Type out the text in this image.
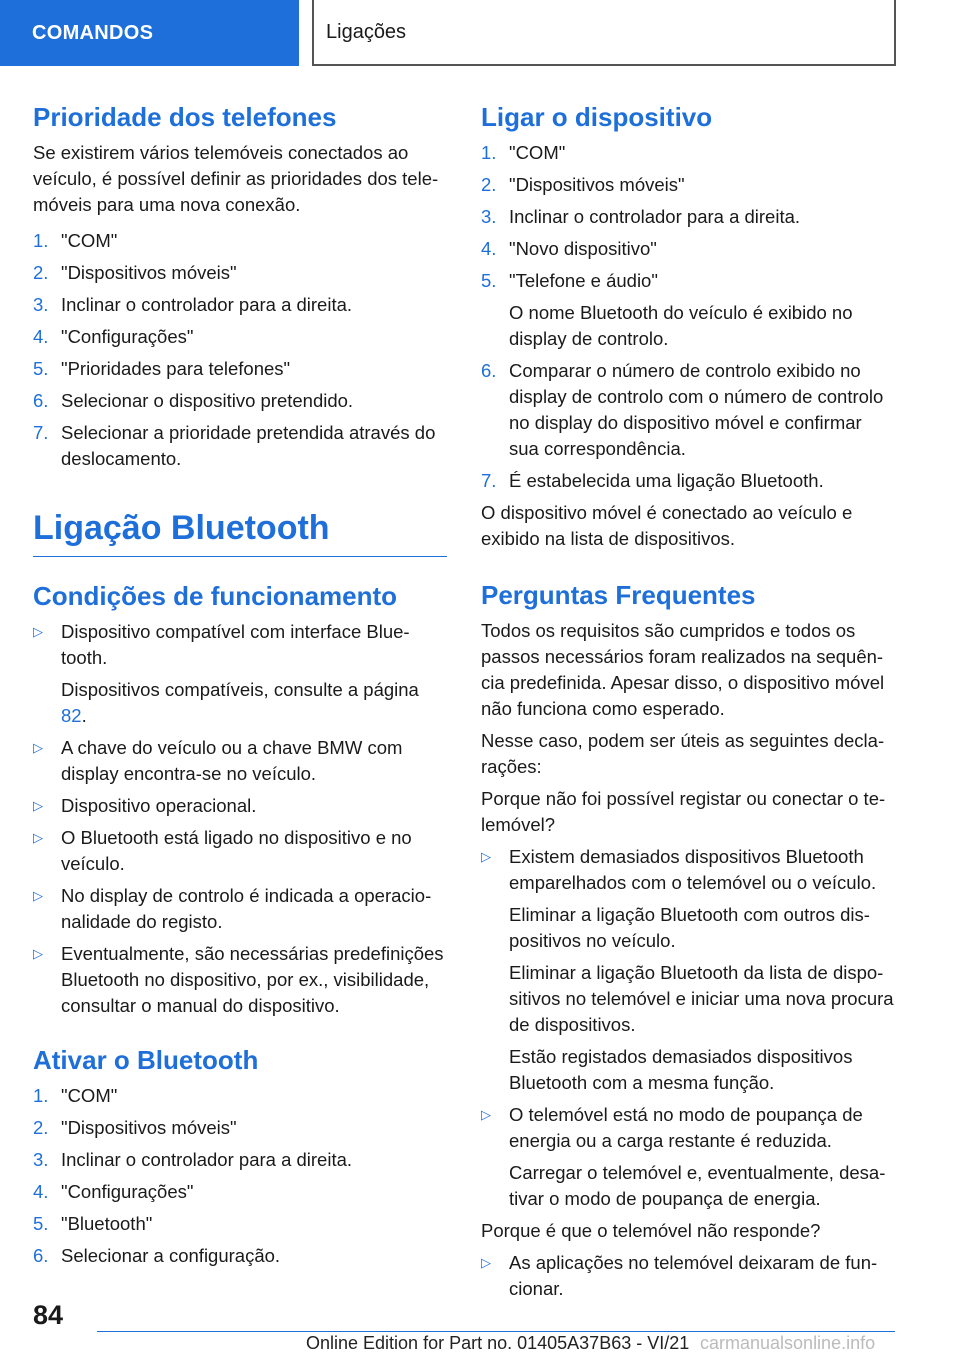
COMANDOS	Ligações
Prioridade dos telefones

Se existirem vários telemóveis conectados ao veículo, é possível definir as prioridades dos telemóveis para uma nova conexão.

1. "COM"
2. "Dispositivos móveis"
3. Inclinar o controlador para a direita.
4. "Configurações"
5. "Prioridades para telefones"
6. Selecionar o dispositivo pretendido.
7. Selecionar a prioridade pretendida através do deslocamento.
Ligação Bluetooth
Condições de funcionamento
▷ Dispositivo compatível com interface Bluetooth.

Dispositivos compatíveis, consulte a página 82.

▷ A chave do veículo ou a chave BMW com display encontra-se no veículo.
▷ Dispositivo operacional.
▷ O Bluetooth está ligado no dispositivo e no veículo.
▷ No display de controlo é indicada a operacionalidade do registo.
▷ Eventualmente, são necessárias predefinições Bluetooth no dispositivo, por ex., visibilidade, consultar o manual do dispositivo.
Ativar o Bluetooth
1. "COM"
2. "Dispositivos móveis"
3. Inclinar o controlador para a direita.
4. "Configurações"
5. "Bluetooth"
6. Selecionar a configuração.
Ligar o dispositivo
1. "COM"
2. "Dispositivos móveis"
3. Inclinar o controlador para a direita.
4. "Novo dispositivo"
5. "Telefone e áudio"

O nome Bluetooth do veículo é exibido no display de controlo.

6. Comparar o número de controlo exibido no display de controlo com o número de controlo no display do dispositivo móvel e confirmar sua correspondência.
7. É estabelecida uma ligação Bluetooth.

O dispositivo móvel é conectado ao veículo e exibido na lista de dispositivos.

Perguntas Frequentes

Todos os requisitos são cumpridos e todos os passos necessários foram realizados na sequência predefinida. Apesar disso, o dispositivo móvel não funciona como esperado.

Nesse caso, podem ser úteis as seguintes declarações:

Porque não foi possível registar ou conectar o telemóvel?

▷ Existem demasiados dispositivos Bluetooth emparelhados com o telemóvel ou o veículo.

Eliminar a ligação Bluetooth com outros dispositivos no veículo.

Eliminar a ligação Bluetooth da lista de dispositivos no telemóvel e iniciar uma nova procura de dispositivos.

Estão registados demasiados dispositivos Bluetooth com a mesma função.

▷ O telemóvel está no modo de poupança de energia ou a carga restante é reduzida.

Carregar o telemóvel e, eventualmente, desativar o modo de poupança de energia.

Porque é que o telemóvel não responde?

▷ As aplicações no telemóvel deixaram de funcionar.
84
Online Edition for Part no. 01405A37B63 - VI/21 carmanualsonline.info
